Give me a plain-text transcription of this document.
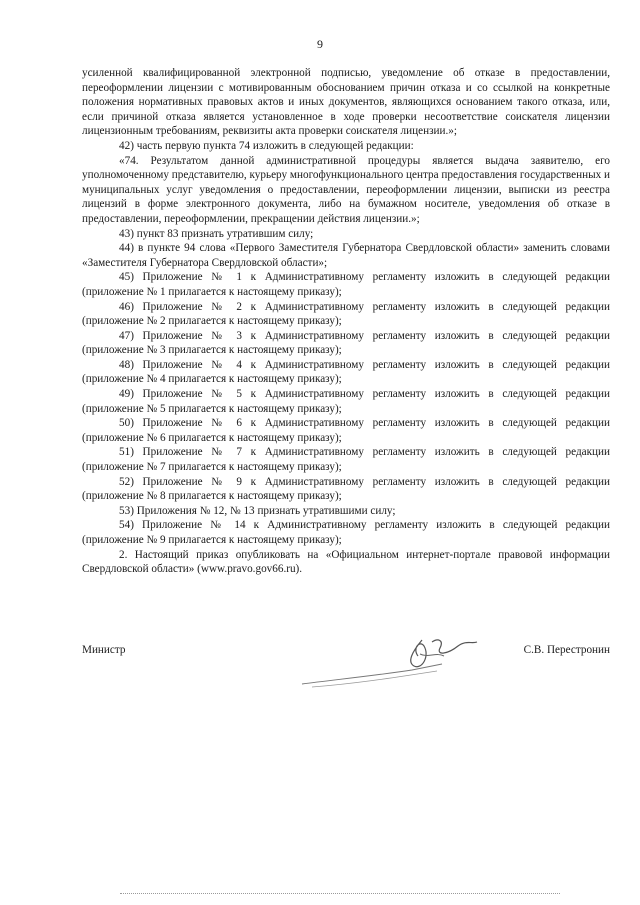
9

усиленной квалифицированной электронной подписью, уведомление об отказе в предоставлении, переоформлении лицензии с мотивированным обоснованием причин отказа и со ссылкой на конкретные положения нормативных правовых актов и иных документов, являющихся основанием такого отказа, или, если причиной отказа является установленное в ходе проверки несоответствие соискателя лицензии лицензионным требованиям, реквизиты акта проверки соискателя лицензии.»;

42) часть первую пункта 74 изложить в следующей редакции:

«74. Результатом данной административной процедуры является выдача заявителю, его уполномоченному представителю, курьеру многофункционального центра предоставления государственных и муниципальных услуг уведомления о предоставлении, переоформлении лицензии, выписки из реестра лицензий в форме электронного документа, либо на бумажном носителе, уведомления об отказе в предоставлении, переоформлении, прекращении действия лицензии.»;

43) пункт 83 признать утратившим силу;

44) в пункте 94 слова «Первого Заместителя Губернатора Свердловской области» заменить словами «Заместителя Губернатора Свердловской области»;

45) Приложение № 1 к Административному регламенту изложить в следующей редакции (приложение № 1 прилагается к настоящему приказу);

46) Приложение № 2 к Административному регламенту изложить в следующей редакции (приложение № 2 прилагается к настоящему приказу);

47) Приложение № 3 к Административному регламенту изложить в следующей редакции (приложение № 3 прилагается к настоящему приказу);

48) Приложение № 4 к Административному регламенту изложить в следующей редакции (приложение № 4 прилагается к настоящему приказу);

49) Приложение № 5 к Административному регламенту изложить в следующей редакции (приложение № 5 прилагается к настоящему приказу);

50) Приложение № 6 к Административному регламенту изложить в следующей редакции (приложение № 6 прилагается к настоящему приказу);

51) Приложение № 7 к Административному регламенту изложить в следующей редакции (приложение № 7 прилагается к настоящему приказу);

52) Приложение № 9 к Административному регламенту изложить в следующей редакции (приложение № 8 прилагается к настоящему приказу);

53) Приложения № 12, № 13 признать утратившими силу;

54) Приложение № 14 к Административному регламенту изложить в следующей редакции (приложение № 9 прилагается к настоящему приказу);

2. Настоящий приказ опубликовать на «Официальном интернет-портале правовой информации Свердловской области» (www.pravo.gov66.ru).

Министр	С.В. Перестронин
